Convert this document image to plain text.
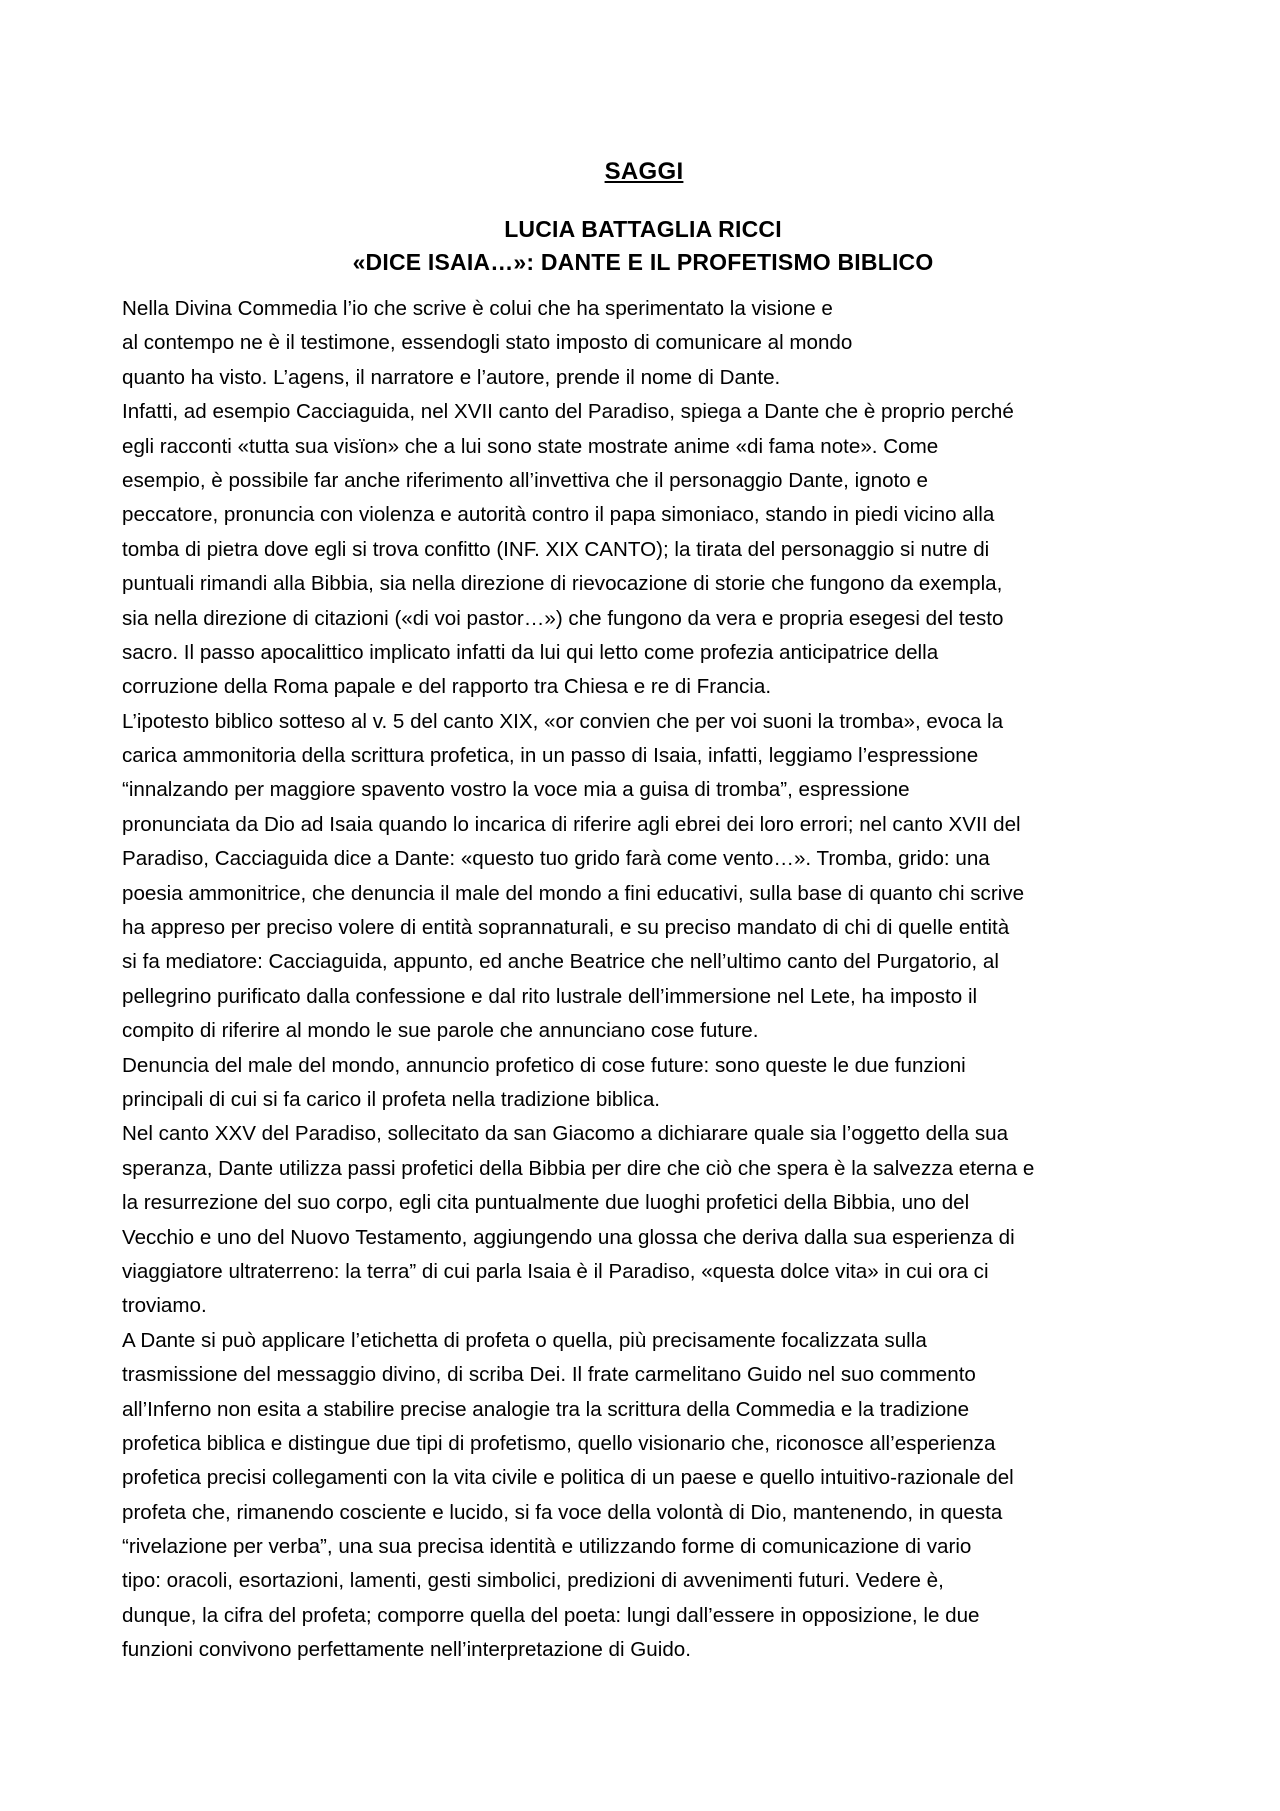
SAGGI
LUCIA BATTAGLIA RICCI
«DICE ISAIA…»: DANTE E IL PROFETISMO BIBLICO
Nella Divina Commedia l’io che scrive è colui che ha sperimentato la visione e
al contempo ne è il testimone, essendogli stato imposto di comunicare al mondo
quanto ha visto. L’agens, il narratore e l’autore, prende il nome di Dante.
Infatti, ad esempio Cacciaguida, nel XVII canto del Paradiso, spiega a Dante che è proprio perché
egli racconti «tutta sua visïon» che a lui sono state mostrate anime «di fama note». Come
esempio, è possibile far anche riferimento all’invettiva che il personaggio Dante, ignoto e
peccatore, pronuncia con violenza e autorità contro il papa simoniaco, stando in piedi vicino alla
tomba di pietra dove egli si trova confitto (INF. XIX CANTO); la tirata del personaggio si nutre di
puntuali rimandi alla Bibbia, sia nella direzione di rievocazione di storie che fungono da exempla,
sia nella direzione di citazioni («di voi pastor…») che fungono da vera e propria esegesi del testo
sacro. Il passo apocalittico implicato infatti da lui qui letto come profezia anticipatrice della
corruzione della Roma papale e del rapporto tra Chiesa e re di Francia.
L’ipotesto biblico sotteso al v. 5 del canto XIX, «or convien che per voi suoni la tromba», evoca la
carica ammonitoria della scrittura profetica, in un passo di Isaia, infatti, leggiamo l’espressione
“innalzando per maggiore spavento vostro la voce mia a guisa di tromba”, espressione
pronunciata da Dio ad Isaia quando lo incarica di riferire agli ebrei dei loro errori; nel canto XVII del
Paradiso, Cacciaguida dice a Dante: «questo tuo grido farà come vento…». Tromba, grido: una
poesia ammonitrice, che denuncia il male del mondo a fini educativi, sulla base di quanto chi scrive
ha appreso per preciso volere di entità soprannaturali, e su preciso mandato di chi di quelle entità
si fa mediatore: Cacciaguida, appunto, ed anche Beatrice che nell’ultimo canto del Purgatorio, al
pellegrino purificato dalla confessione e dal rito lustrale dell’immersione nel Lete, ha imposto il
compito di riferire al mondo le sue parole che annunciano cose future.
Denuncia del male del mondo, annuncio profetico di cose future: sono queste le due funzioni
principali di cui si fa carico il profeta nella tradizione biblica.
Nel canto XXV del Paradiso, sollecitato da san Giacomo a dichiarare quale sia l’oggetto della sua
speranza, Dante utilizza passi profetici della Bibbia per dire che ciò che spera è la salvezza eterna e
la resurrezione del suo corpo, egli cita puntualmente due luoghi profetici della Bibbia, uno del
Vecchio e uno del Nuovo Testamento, aggiungendo una glossa che deriva dalla sua esperienza di
viaggiatore ultraterreno: la terra” di cui parla Isaia è il Paradiso, «questa dolce vita» in cui ora ci
troviamo.
A Dante si può applicare l’etichetta di profeta o quella, più precisamente focalizzata sulla
trasmissione del messaggio divino, di scriba Dei. Il frate carmelitano Guido nel suo commento
all’Inferno non esita a stabilire precise analogie tra la scrittura della Commedia e la tradizione
profetica biblica e distingue due tipi di profetismo, quello visionario che, riconosce all’esperienza
profetica precisi collegamenti con la vita civile e politica di un paese e quello intuitivo-razionale del
profeta che, rimanendo cosciente e lucido, si fa voce della volontà di Dio, mantenendo, in questa
“rivelazione per verba”, una sua precisa identità e utilizzando forme di comunicazione di vario
tipo: oracoli, esortazioni, lamenti, gesti simbolici, predizioni di avvenimenti futuri. Vedere è,
dunque, la cifra del profeta; comporre quella del poeta: lungi dall’essere in opposizione, le due
funzioni convivono perfettamente nell’interpretazione di Guido.
